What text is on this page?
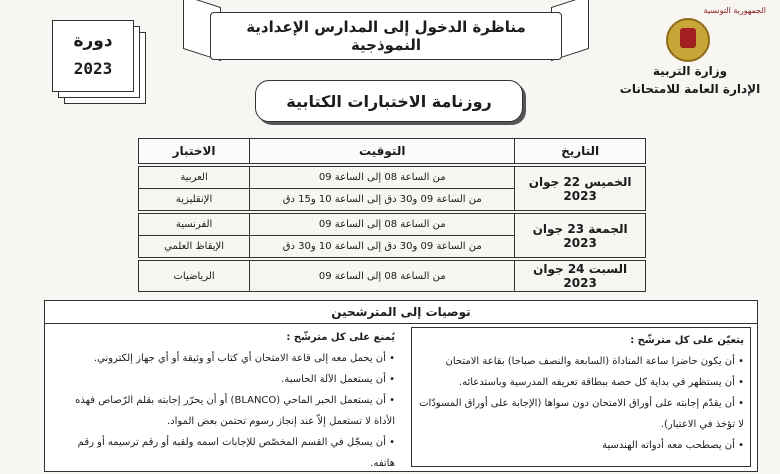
دورة
2023
مناظرة الدخول إلى المدارس الإعدادية النموذجية
الجمهورية التونسية
وزارة التربية
الإدارة العامة للامتحانات
روزنامة الاختبارات الكتابية
الاختبار	التوقيت	التاريخ

العربية	من الساعة 08 إلى الساعة 09	الخميس 22 جوان 2023
الإنقليزية	من الساعة 09 و30 دق إلى الساعة 10 و15 دق	

الفرنسية	من الساعة 08 إلى الساعة 09	الجمعة 23 جوان 2023
الإيقاظ العلمي	من الساعة 09 و30 دق إلى الساعة 10 و30 دق	

الرياضيات	من الساعة 08 إلى الساعة 09	السبت 24 جوان 2023
توصيات إلى المترشحين
يتعيّن على كل مترشّح :
• أن يكون حاضرا ساعة المناداة (السابعة والنصف صباحا) بقاعة الامتحان
• أن يستظهر في بداية كل حصة ببطاقة تعريفه المدرسية وباستدعائه.
• أن يقدّم إجابته على أوراق الامتحان دون سواها (الإجابة على أوراق المسودّات لا تؤخذ في الاعتبار).
• أن يصطحب معه أدواته الهندسية
يُمنع على كل مترشّح :
• أن يحمل معه إلى قاعة الامتحان أي كتاب أو وثيقة أو أي جهاز إلكتروني.
• أن يستعمل الآلة الحاسبة.
• أن يستعمل الحبر الماحي (BLANCO) أو أن يحرّر إجابته بقلم الرّصاص فهذه الأداة لا تستعمل إلاّ عند إنجاز رسوم تحتمن بعض المواد.
• أن يسجّل في القسم المخصّص للإجابات اسمه ولقبه أو رقم ترسيمه أو رقم هاتفه.
